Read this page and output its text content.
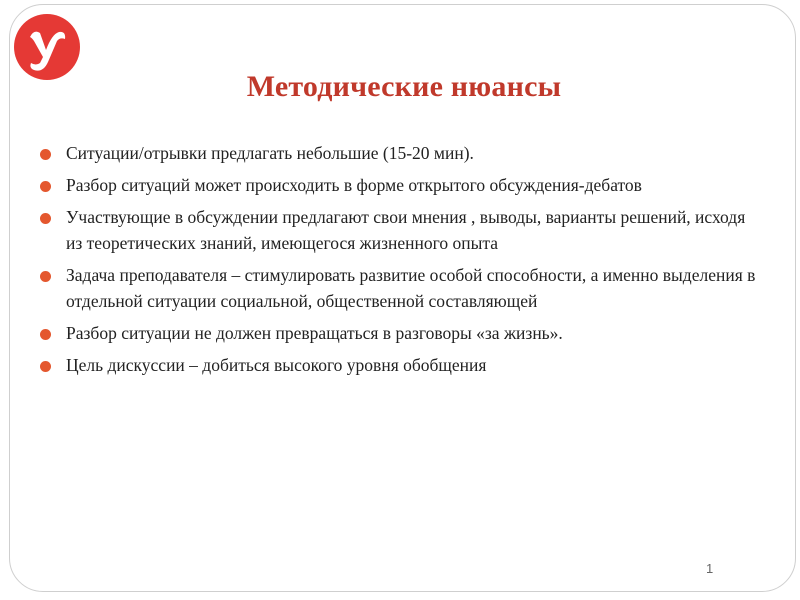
Методические нюансы
Ситуации/отрывки предлагать небольшие (15-20 мин).
Разбор ситуаций может происходить в форме открытого обсуждения-дебатов
Участвующие в обсуждении предлагают свои мнения , выводы, варианты решений, исходя из теоретических знаний, имеющегося жизненного опыта
Задача преподавателя – стимулировать развитие особой способности, а именно выделения в отдельной ситуации социальной, общественной составляющей
Разбор ситуации не должен превращаться в разговоры «за жизнь».
Цель дискуссии – добиться высокого уровня обобщения
1
